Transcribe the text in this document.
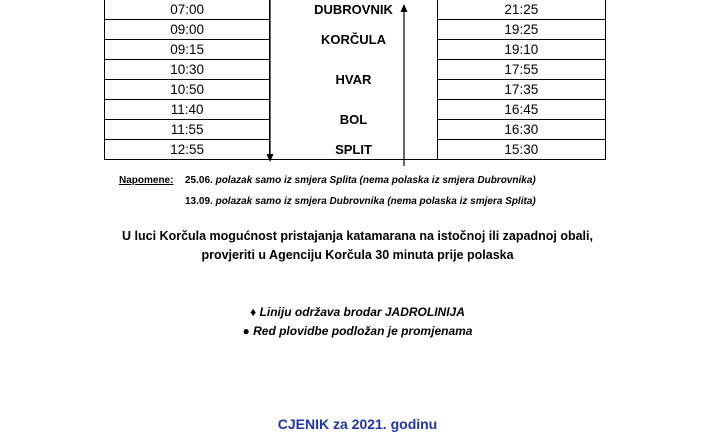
07:00	DUBROVNIK	21:25
09:00	KORČULA	19:25
09:15		19:10
10:30	HVAR	17:55
10:50		17:35
11:40	BOL	16:45
11:55		16:30
12:55	SPLIT	15:30
Napomene: 25.06. polazak samo iz smjera Splita (nema polaska iz smjera Dubrovnika)
13.09. polazak samo iz smjera Dubrovnika (nema polaska iz smjera Splita)
U luci Korčula mogućnost pristajanja katamarana na istočnoj ili zapadnoj obali,
provjeriti u Agenciju Korčula 30 minuta prije polaska
♦ Liniju održava brodar JADROLINIJA
● Red plovidbe podložan je promjenama
CJENIK za 2021. godinu
